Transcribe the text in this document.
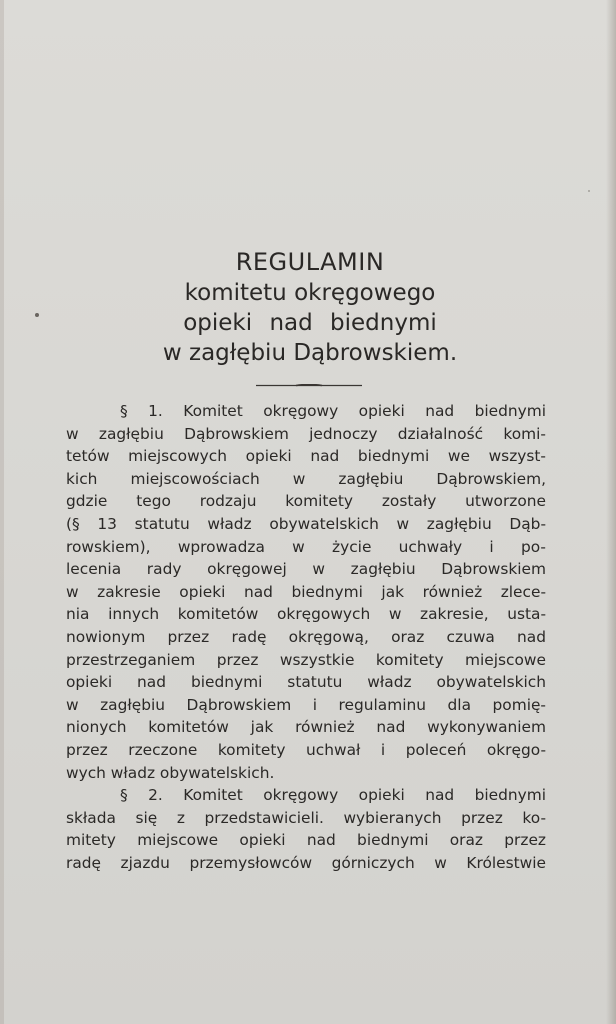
REGULAMIN
komitetu okręgowego
opieki nad biednymi
w zagłębiu Dąbrowskiem.
§ 1. Komitet okręgowy opieki nad biednymi
w zagłębiu Dąbrowskiem jednoczy działalność komi-
tetów miejscowych opieki nad biednymi we wszyst-
kich miejscowościach w zagłębiu Dąbrowskiem,
gdzie tego rodzaju komitety zostały utworzone
(§ 13 statutu władz obywatelskich w zagłębiu Dąb-
rowskiem), wprowadza w życie uchwały i po-
lecenia rady okręgowej w zagłębiu Dąbrowskiem
w zakresie opieki nad biednymi jak również zlece-
nia innych komitetów okręgowych w zakresie, usta-
nowionym przez radę okręgową, oraz czuwa nad
przestrzeganiem przez wszystkie komitety miejscowe
opieki nad biednymi statutu władz obywatelskich
w zagłębiu Dąbrowskiem i regulaminu dla pomię-
nionych komitetów jak również nad wykonywaniem
przez rzeczone komitety uchwał i poleceń okręgo-
wych władz obywatelskich.
§ 2. Komitet okręgowy opieki nad biednymi
składa się z przedstawicieli. wybieranych przez ko-
mitety miejscowe opieki nad biednymi oraz przez
radę zjazdu przemysłowców górniczych w Królestwie
